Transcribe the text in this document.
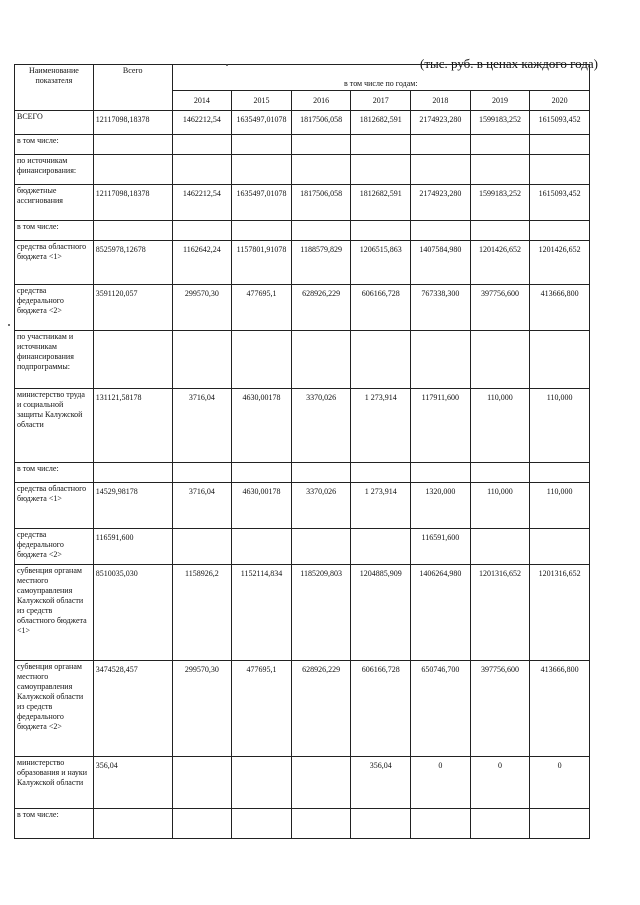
(тыс. руб. в ценах каждого года)
Наименование показателя	Всего	в том числе по годам:						
		2014	2015	2016	2017	2018	2019	2020
ВСЕГО	12117098,18378	1462212,54	1635497,01078	1817506,058	1812682,591	2174923,280	1599183,252	1615093,452
в том числе:								
по источникам финансирования:								
бюджетные ассигнования	12117098,18378	1462212,54	1635497,01078	1817506,058	1812682,591	2174923,280	1599183,252	1615093,452
в том числе:								
средства областного бюджета <1>	8525978,12678	1162642,24	1157801,91078	1188579,829	1206515,863	1407584,980	1201426,652	1201426,652
средства федерального бюджета <2>	3591120,057	299570,30	477695,1	628926,229	606166,728	767338,300	397756,600	413666,800
по участникам и источникам финансирования подпрограммы:								
министерство труда и социальной защиты Калужской области	131121,58178	3716,04	4630,00178	3370,026	1 273,914	117911,600	110,000	110,000
в том числе:								
средства областного бюджета <1>	14529,98178	3716,04	4630,00178	3370,026	1 273,914	1320,000	110,000	110,000
средства федерального бюджета <2>	116591,600					116591,600		
субвенция органам местного самоуправления Калужской области из средств областного бюджета <1>	8510035,030	1158926,2	1152114,834	1185209,803	1204885,909	1406264,980	1201316,652	1201316,652
субвенция органам местного самоуправления Калужской области из средств федерального бюджета <2>	3474528,457	299570,30	477695,1	628926,229	606166,728	650746,700	397756,600	413666,800
министерство образования и науки Калужской области	356,04				356,04	0	0	0
в том числе:								
